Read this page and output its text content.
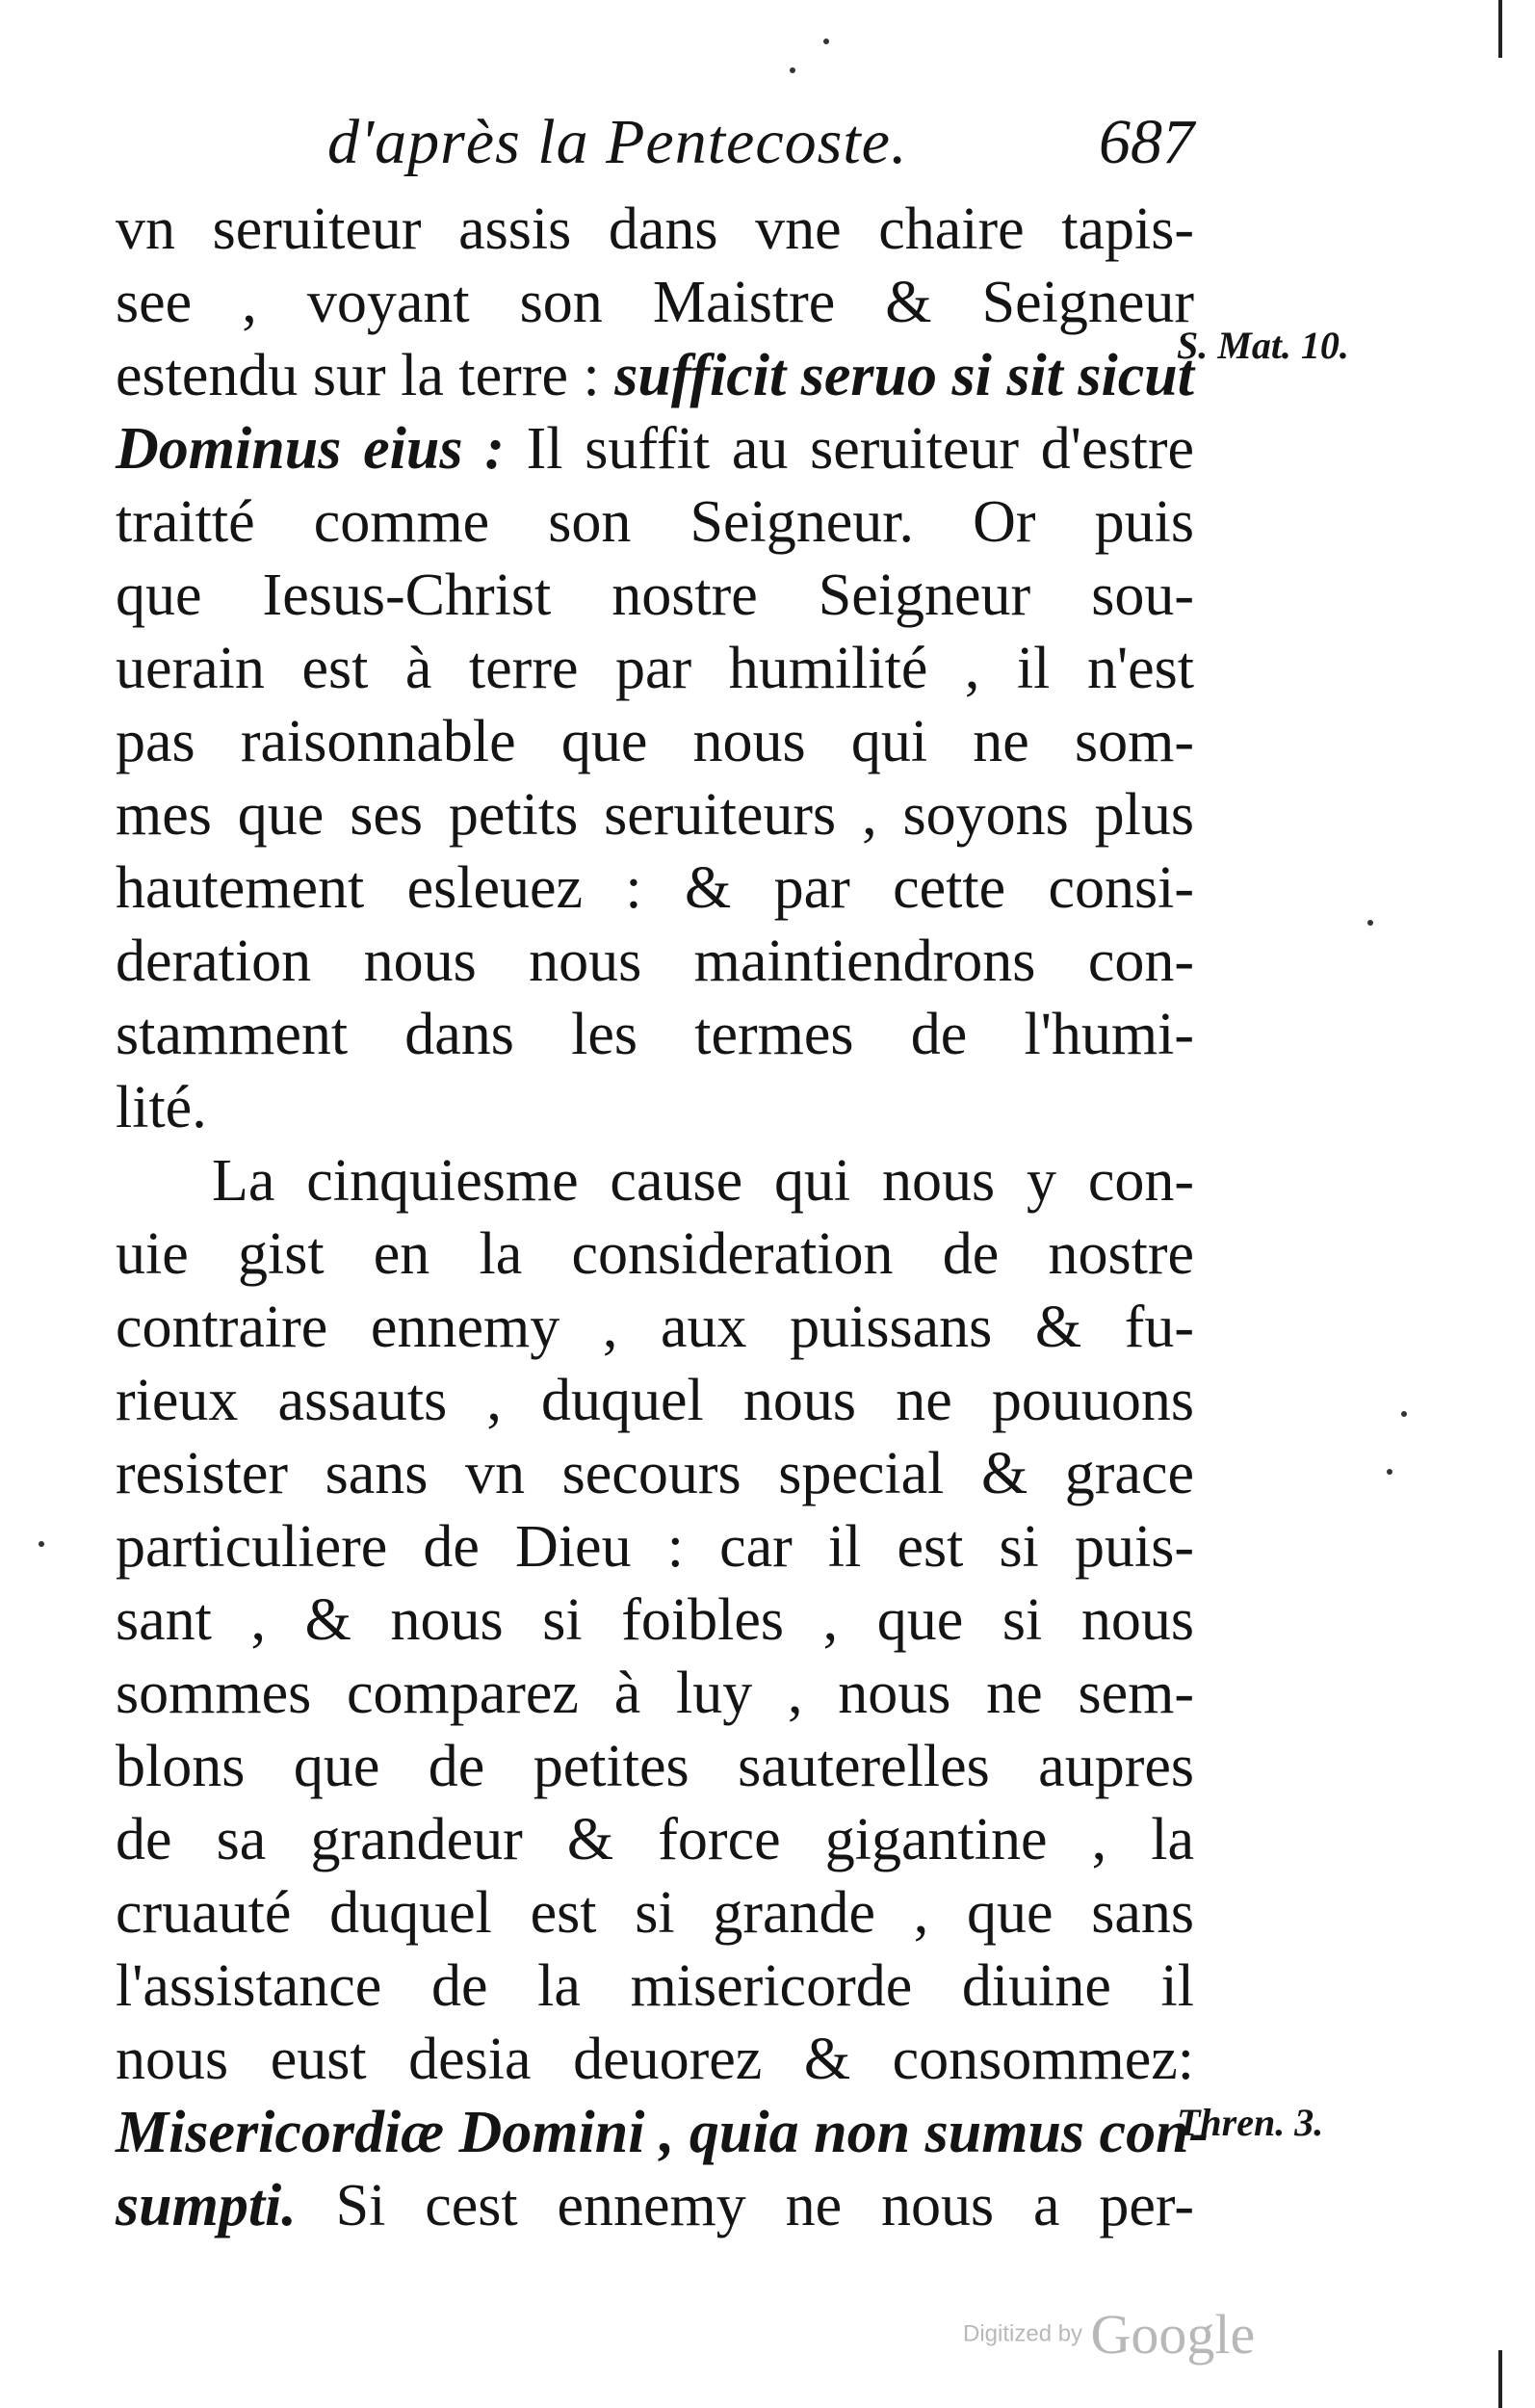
d'après la Pentecoste.	687
vn seruiteur assis dans vne chaire tapis-
see , voyant son Maistre & Seigneur
estendu sur la terre : sufficit seruo si sit sicut
Dominus eius : Il suffit au seruiteur d'estre
traitté comme son Seigneur. Or puis
que Iesus-Christ nostre Seigneur sou-
uerain est à terre par humilité , il n'est
pas raisonnable que nous qui ne som-
mes que ses petits seruiteurs , soyons plus
hautement esleuez : & par cette consi-
deration nous nous maintiendrons con-
stamment dans les termes de l'humi-
lité.
La cinquiesme cause qui nous y con-
uie gist en la consideration de nostre
contraire ennemy , aux puissans & fu-
rieux assauts , duquel nous ne pouuons
resister sans vn secours special & grace
particuliere de Dieu : car il est si puis-
sant , & nous si foibles , que si nous
sommes comparez à luy , nous ne sem-
blons que de petites sauterelles aupres
de sa grandeur & force gigantine , la
cruauté duquel est si grande , que sans
l'assistance de la misericorde diuine il
nous eust desia deuorez & consommez:
Misericordiæ Domini , quia non sumus con-
sumpti. Si cest ennemy ne nous a per-
S. Mat. 10.
Thren. 3.
Digitized by Google
